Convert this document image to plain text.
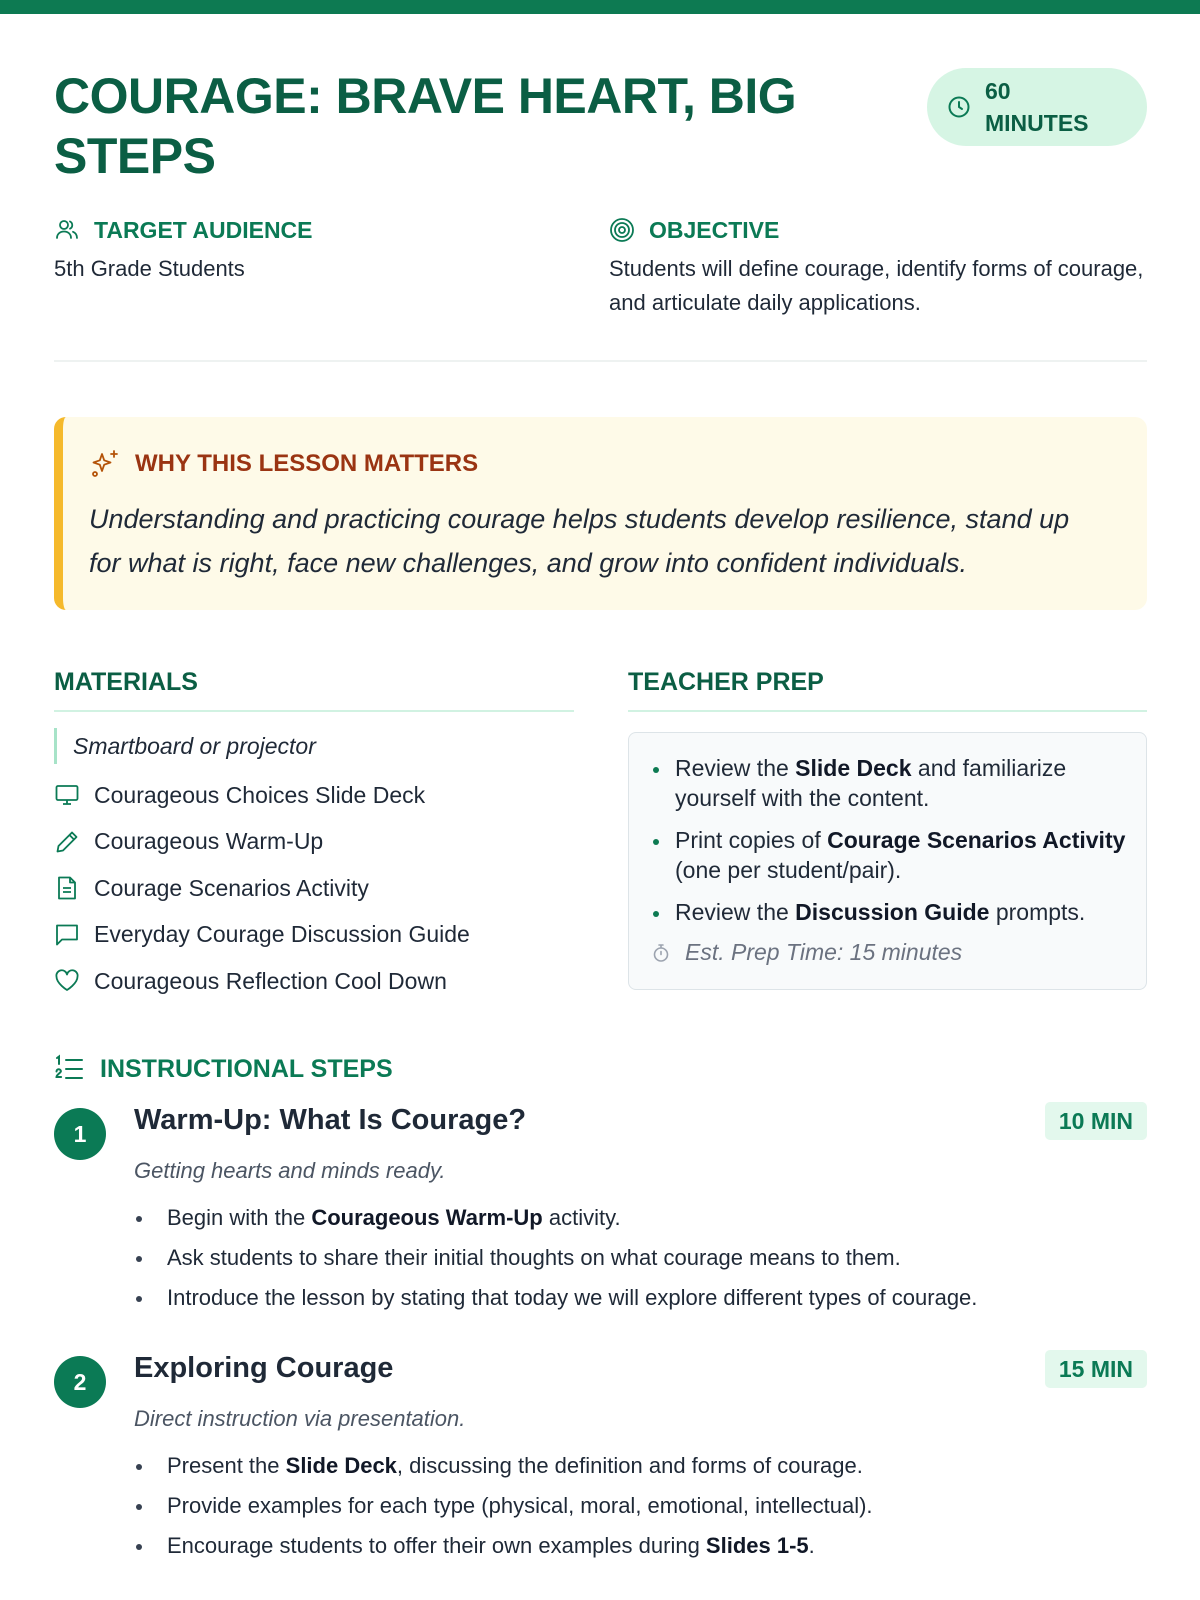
COURAGE: BRAVE HEART, BIG STEPS
60 MINUTES
TARGET AUDIENCE
5th Grade Students
OBJECTIVE
Students will define courage, identify forms of courage, and articulate daily applications.
WHY THIS LESSON MATTERS
Understanding and practicing courage helps students develop resilience, stand up for what is right, face new challenges, and grow into confident individuals.
MATERIALS
Smartboard or projector
Courageous Choices Slide Deck
Courageous Warm-Up
Courage Scenarios Activity
Everyday Courage Discussion Guide
Courageous Reflection Cool Down
TEACHER PREP
Review the Slide Deck and familiarize yourself with the content.
Print copies of Courage Scenarios Activity (one per student/pair).
Review the Discussion Guide prompts.
Est. Prep Time: 15 minutes
INSTRUCTIONAL STEPS
1	Warm-Up: What Is Courage?	10 MIN
Getting hearts and minds ready.
Begin with the Courageous Warm-Up activity.
Ask students to share their initial thoughts on what courage means to them.
Introduce the lesson by stating that today we will explore different types of courage.
2	Exploring Courage	15 MIN
Direct instruction via presentation.
Present the Slide Deck, discussing the definition and forms of courage.
Provide examples for each type (physical, moral, emotional, intellectual).
Encourage students to offer their own examples during Slides 1-5.
